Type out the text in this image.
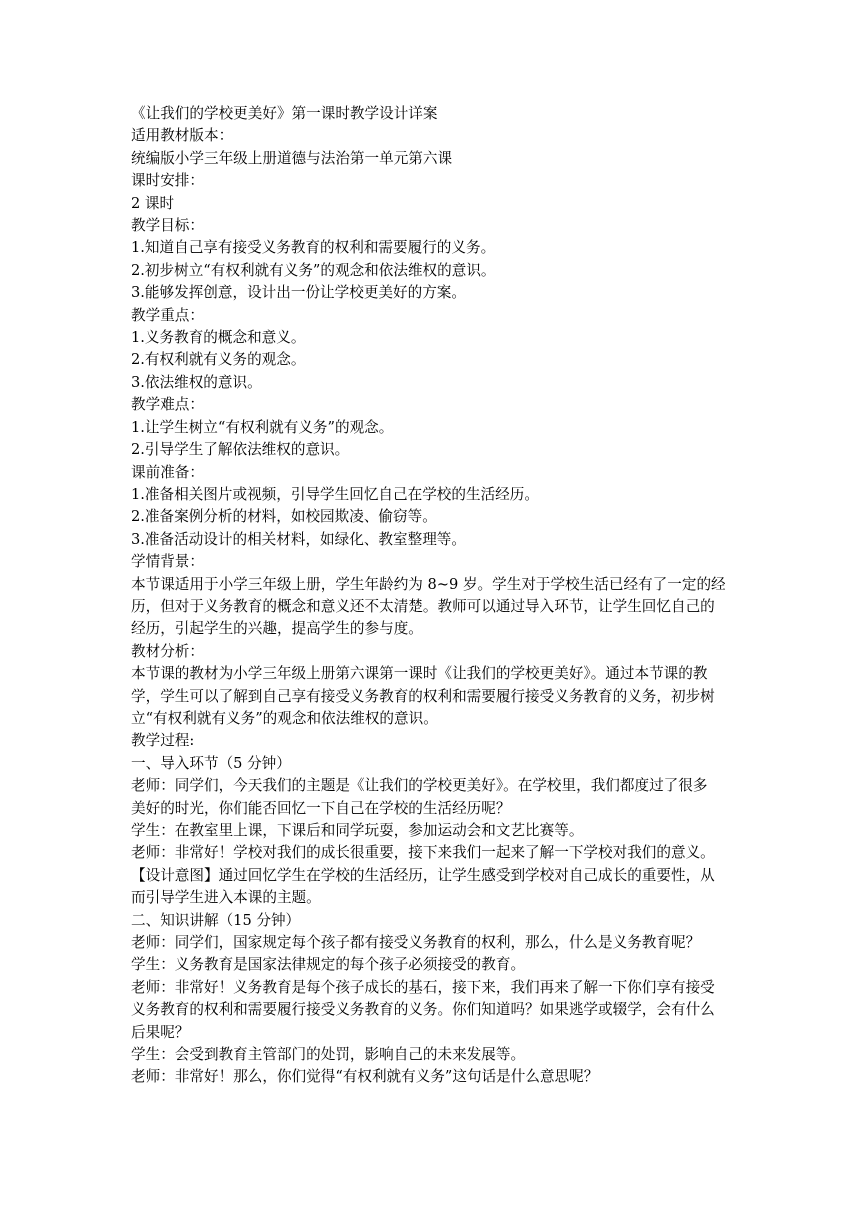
《让我们的学校更美好》第一课时教学设计详案
适用教材版本：
统编版小学三年级上册道德与法治第一单元第六课
课时安排：
2 课时
教学目标：
1.知道自己享有接受义务教育的权利和需要履行的义务。
2.初步树立“有权利就有义务”的观念和依法维权的意识。
3.能够发挥创意，设计出一份让学校更美好的方案。
教学重点：
1.义务教育的概念和意义。
2.有权利就有义务的观念。
3.依法维权的意识。
教学难点：
1.让学生树立“有权利就有义务”的观念。
2.引导学生了解依法维权的意识。
课前准备：
1.准备相关图片或视频，引导学生回忆自己在学校的生活经历。
2.准备案例分析的材料，如校园欺凌、偷窃等。
3.准备活动设计的相关材料，如绿化、教室整理等。
学情背景：
本节课适用于小学三年级上册，学生年龄约为 8~9 岁。学生对于学校生活已经有了一定的经
历，但对于义务教育的概念和意义还不太清楚。教师可以通过导入环节，让学生回忆自己的
经历，引起学生的兴趣，提高学生的参与度。
教材分析：
本节课的教材为小学三年级上册第六课第一课时《让我们的学校更美好》。通过本节课的教
学，学生可以了解到自己享有接受义务教育的权利和需要履行接受义务教育的义务，初步树
立“有权利就有义务”的观念和依法维权的意识。
教学过程:
一、导入环节（5 分钟）
老师：同学们，今天我们的主题是《让我们的学校更美好》。在学校里，我们都度过了很多
美好的时光，你们能否回忆一下自己在学校的生活经历呢？
学生：在教室里上课，下课后和同学玩耍，参加运动会和文艺比赛等。
老师：非常好！学校对我们的成长很重要，接下来我们一起来了解一下学校对我们的意义。
【设计意图】通过回忆学生在学校的生活经历，让学生感受到学校对自己成长的重要性，从
而引导学生进入本课的主题。
二、知识讲解（15 分钟）
老师：同学们，国家规定每个孩子都有接受义务教育的权利，那么，什么是义务教育呢？
学生：义务教育是国家法律规定的每个孩子必须接受的教育。
老师：非常好！义务教育是每个孩子成长的基石，接下来，我们再来了解一下你们享有接受
义务教育的权利和需要履行接受义务教育的义务。你们知道吗？如果逃学或辍学，会有什么
后果呢？
学生：会受到教育主管部门的处罚，影响自己的未来发展等。
老师：非常好！那么，你们觉得“有权利就有义务”这句话是什么意思呢？
